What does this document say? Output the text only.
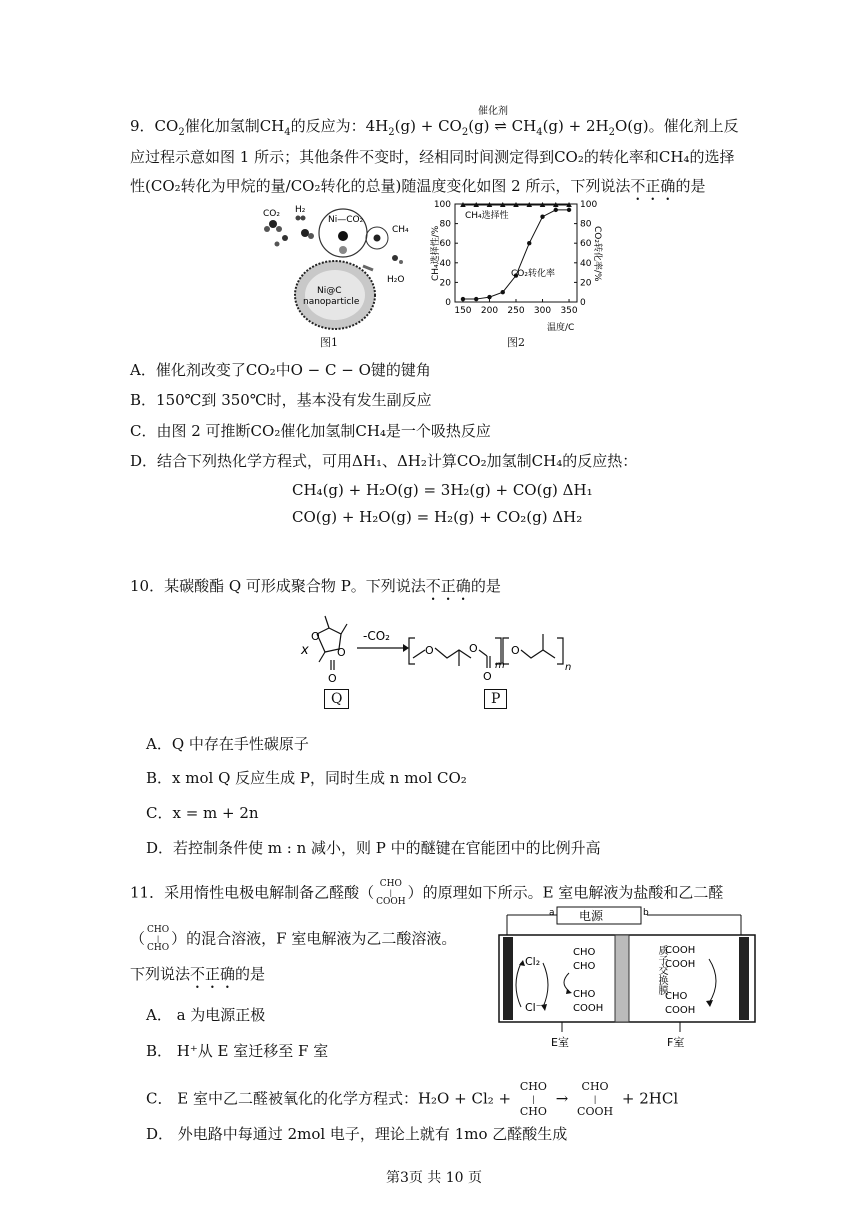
催化剂
9．$CO_2$催化加氢制$CH_4$的反应为：$4H_2(g) + CO_2(g)$ ⇌ $CH_4(g) + 2H_2O(g)$。催化剂上反
应过程示意如图 1 所示；其他条件不变时，经相同时间测定得到CO₂的转化率和CH₄的选择
性(CO₂转化为甲烷的量/CO₂转化的总量)随温度变化如图 2 所示，下列说法不正确的是
CO₂ H₂
Ni—CO₂
CH₄
H₂O
Ni@C
nanoparticle
图1
0	0
20	20
40	40
60	60
80	80
100	100
150 200 250 300 350
CH₄选择性/%	CO₂转化率/%
温度/C
CH₄选择性
CO₂转化率
图2
A．催化剂改变了CO₂中O − C − O键的键角
B．150℃到 350℃时，基本没有发生副反应
C．由图 2 可推断CO₂催化加氢制CH₄是一个吸热反应
D．结合下列热化学方程式，可用ΔH₁、ΔH₂计算CO₂加氢制CH₄的反应热：
CH₄(g) + H₂O(g) = 3H₂(g) + CO(g) ΔH₁
CO(g) + H₂O(g) = H₂(g) + CO₂(g) ΔH₂
10．某碳酸酯 Q 可形成聚合物 P。下列说法不正确的是
x
O
O
O
-CO₂
O	O
O
m
O
n
Q	P
A．Q 中存在手性碳原子
B．x mol Q 反应生成 P，同时生成 n mol CO₂
C．x = m + 2n
D．若控制条件使 m : n 减小，则 P 中的醚键在官能团中的比例升高
11．采用惰性电极电解制备乙醛酸（ CHO
|
COOH）的原理如下所示。E 室电解液为盐酸和乙二醛
（ CHO
|
CHO）的混合溶液，F 室电解液为乙二酸溶液。
下列说法不正确的是
a	b
电源
质子交换膜
Cl₂
Cl⁻
CHO
CHO
CHO
COOH
COOH
COOH
CHO
COOH
E室	F室
A． a 为电源正极
B． H⁺从 E 室迁移至 F 室
C． E 室中乙二醛被氧化的化学方程式：H₂O + Cl₂ + CHO
|
CHO → CHO
|
COOH + 2HCl
D． 外电路中每通过 2mol 电子，理论上就有 1mo 乙醛酸生成
第3页 共 10 页
